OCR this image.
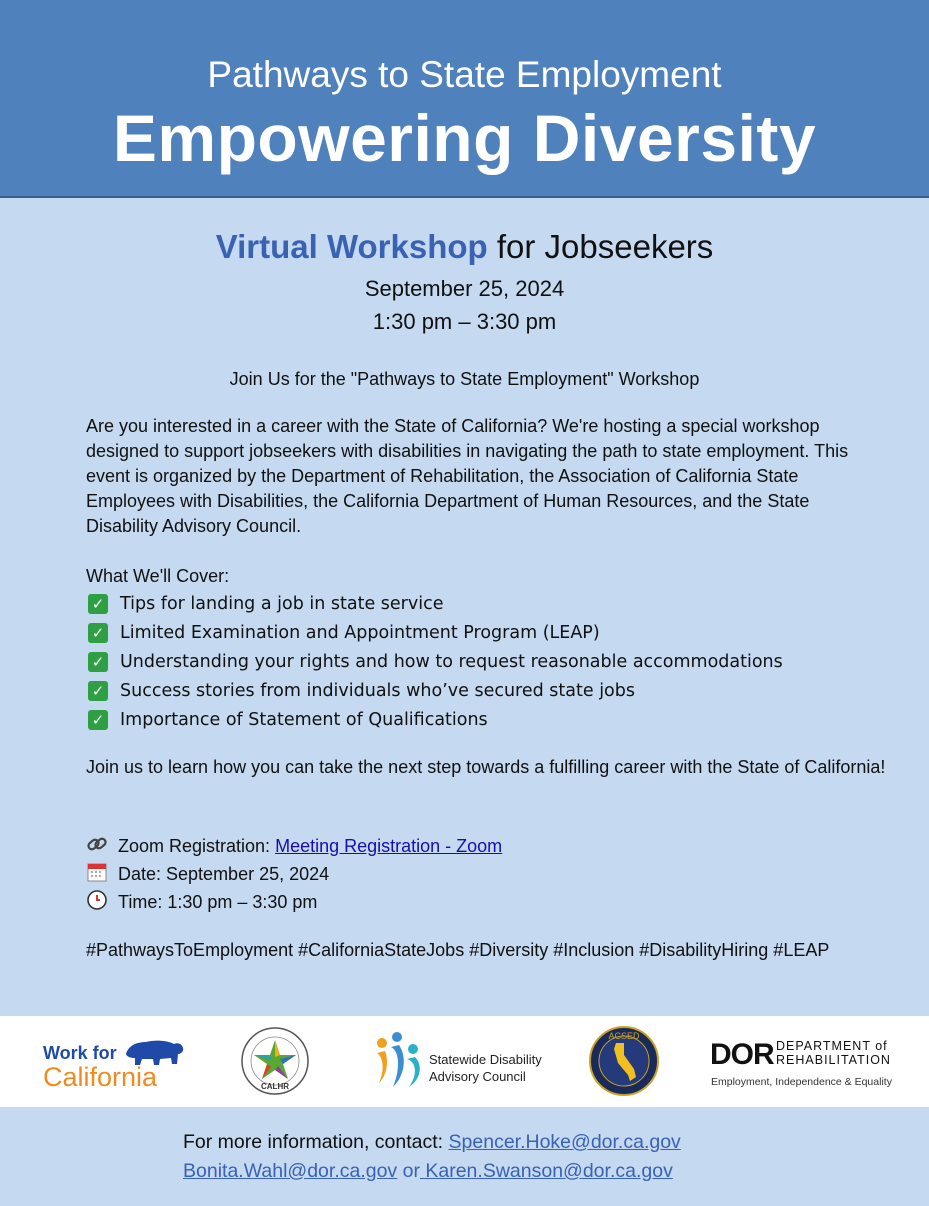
Pathways to State Employment
Empowering Diversity
Virtual Workshop for Jobseekers
September 25, 2024
1:30 pm – 3:30 pm
Join Us for the "Pathways to State Employment" Workshop
Are you interested in a career with the State of California? We're hosting a special workshop designed to support jobseekers with disabilities in navigating the path to state employment. This event is organized by the Department of Rehabilitation, the Association of California State Employees with Disabilities, the California Department of Human Resources, and the State Disability Advisory Council.
What We'll Cover:
✓ Tips for landing a job in state service
✓ Limited Examination and Appointment Program (LEAP)
✓ Understanding your rights and how to request reasonable accommodations
✓ Success stories from individuals who’ve secured state jobs
✓ Importance of Statement of Qualifications
Join us to learn how you can take the next step towards a fulfilling career with the State of California!
Zoom Registration:
Meeting Registration - Zoom
Date: September 25, 2024
Time: 1:30 pm – 3:30 pm
#PathwaysToEmployment #CaliforniaStateJobs #Diversity #Inclusion #DisabilityHiring #LEAP
Work for
California	CALHR
Statewide Disability
Advisory Council
ACSED
DOR DEPARTMENT of
REHABILITATION
Employment, Independence & Equality
For more information, contact: Spencer.Hoke@dor.ca.gov
Bonita.Wahl@dor.ca.gov or Karen.Swanson@dor.ca.gov
